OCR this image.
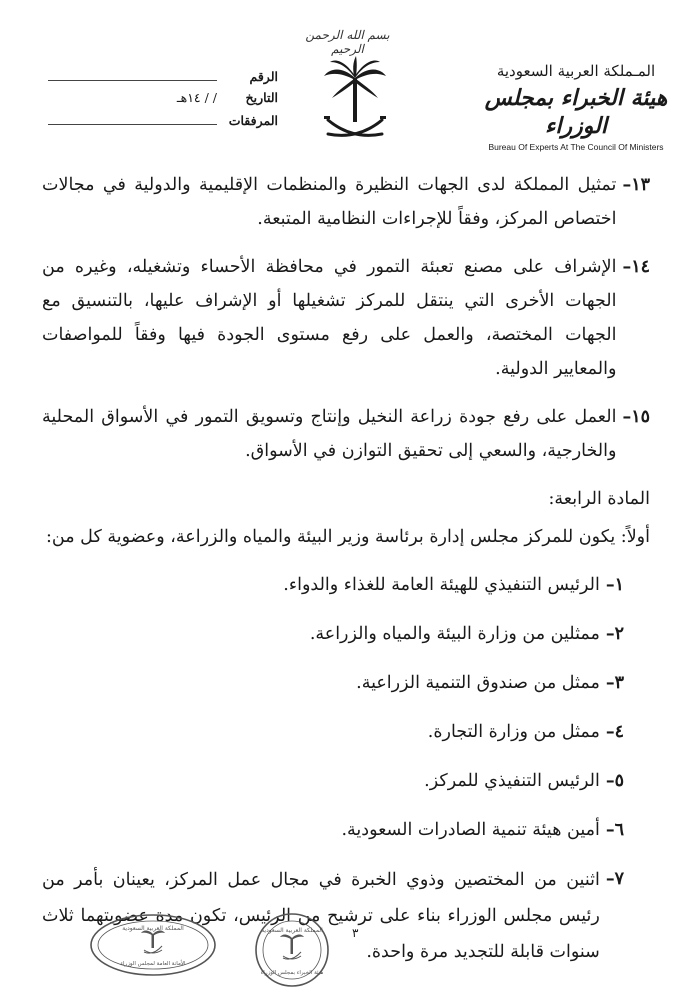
بسم الله الرحمن الرحيم
المـملكة العربية السعودية
هيئة الخبراء بمجلس الوزراء
Bureau Of Experts At The Council Of Ministers
الرقم
التاريخ
/ / ١٤هـ
المرفقات
١٣–
تمثيل المملكة لدى الجهات النظيرة والمنظمات الإقليمية والدولية في مجالات اختصاص المركز، وفقاً للإجراءات النظامية المتبعة.
١٤–
الإشراف على مصنع تعبئة التمور في محافظة الأحساء وتشغيله، وغيره من الجهات الأخرى التي ينتقل للمركز تشغيلها أو الإشراف عليها، بالتنسيق مع الجهات المختصة، والعمل على رفع مستوى الجودة فيها وفقاً للمواصفات والمعايير الدولية.
١٥–
العمل على رفع جودة زراعة النخيل وإنتاج وتسويق التمور في الأسواق المحلية والخارجية، والسعي إلى تحقيق التوازن في الأسواق.
المادة الرابعة:
أولاً: يكون للمركز مجلس إدارة برئاسة وزير البيئة والمياه والزراعة، وعضوية كل من:
١–
الرئيس التنفيذي للهيئة العامة للغذاء والدواء.
٢–
ممثلين من وزارة البيئة والمياه والزراعة.
٣–
ممثل من صندوق التنمية الزراعية.
٤–
ممثل من وزارة التجارة.
٥–
الرئيس التنفيذي للمركز.
٦–
أمين هيئة تنمية الصادرات السعودية.
٧–
اثنين من المختصين وذوي الخبرة في مجال عمل المركز، يعينان بأمر من رئيس مجلس الوزراء بناء على ترشيح من الرئيس، تكون مدة عضويتهما ثلاث سنوات قابلة للتجديد مرة واحدة.
٣
المملكة العربية السعودية
الأمانة العامة لمجلس الوزراء
المملكة العربية السعودية
هيئة الخبراء بمجلس الوزراء
